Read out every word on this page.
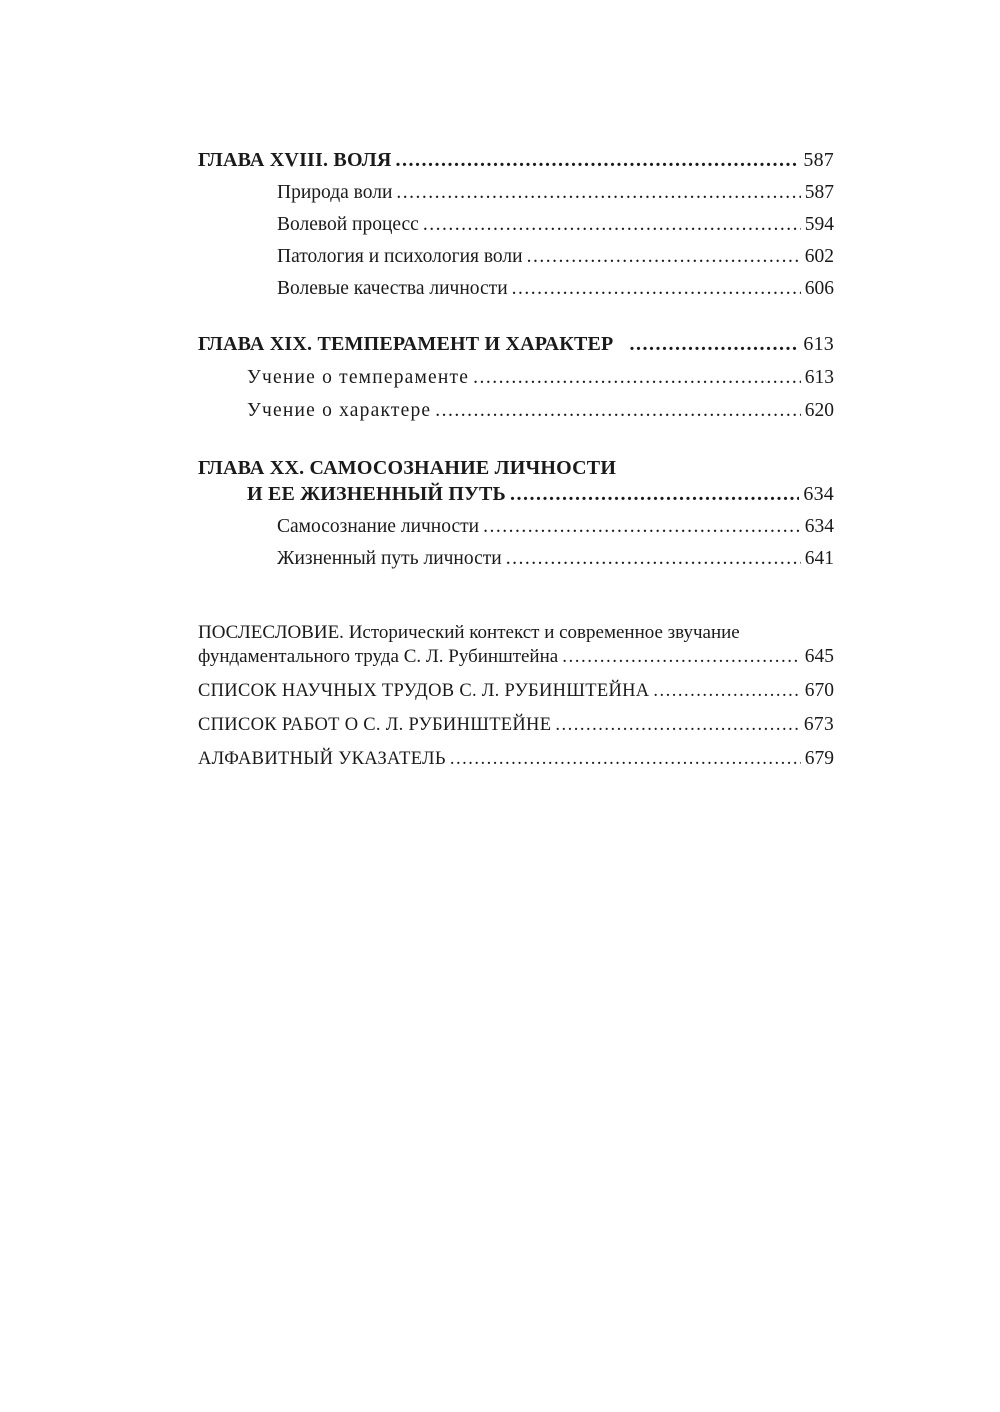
ГЛАВА XVIII. ВОЛЯ .....	587
Природа воли .....	587
Волевой процесс .....	594
Патология и психология воли .....	602
Волевые качества личности .....	606
ГЛАВА XIX. ТЕМПЕРАМЕНТ И ХАРАКТЕР .....	613
Учение о темпераменте .....	613
Учение о характере .....	620
ГЛАВА XX. САМОСОЗНАНИЕ ЛИЧНОСТИ
И ЕЕ ЖИЗНЕННЫЙ ПУТЬ .....	634
Самосознание личности .....	634
Жизненный путь личности .....	641
ПОСЛЕСЛОВИЕ. Исторический контекст и современное звучание
фундаментального труда С. Л. Рубинштейна .....	645
СПИСОК НАУЧНЫХ ТРУДОВ С. Л. РУБИНШТЕЙНА .....	670
СПИСОК РАБОТ О С. Л. РУБИНШТЕЙНЕ .....	673
АЛФАВИТНЫЙ УКАЗАТЕЛЬ .....	679
